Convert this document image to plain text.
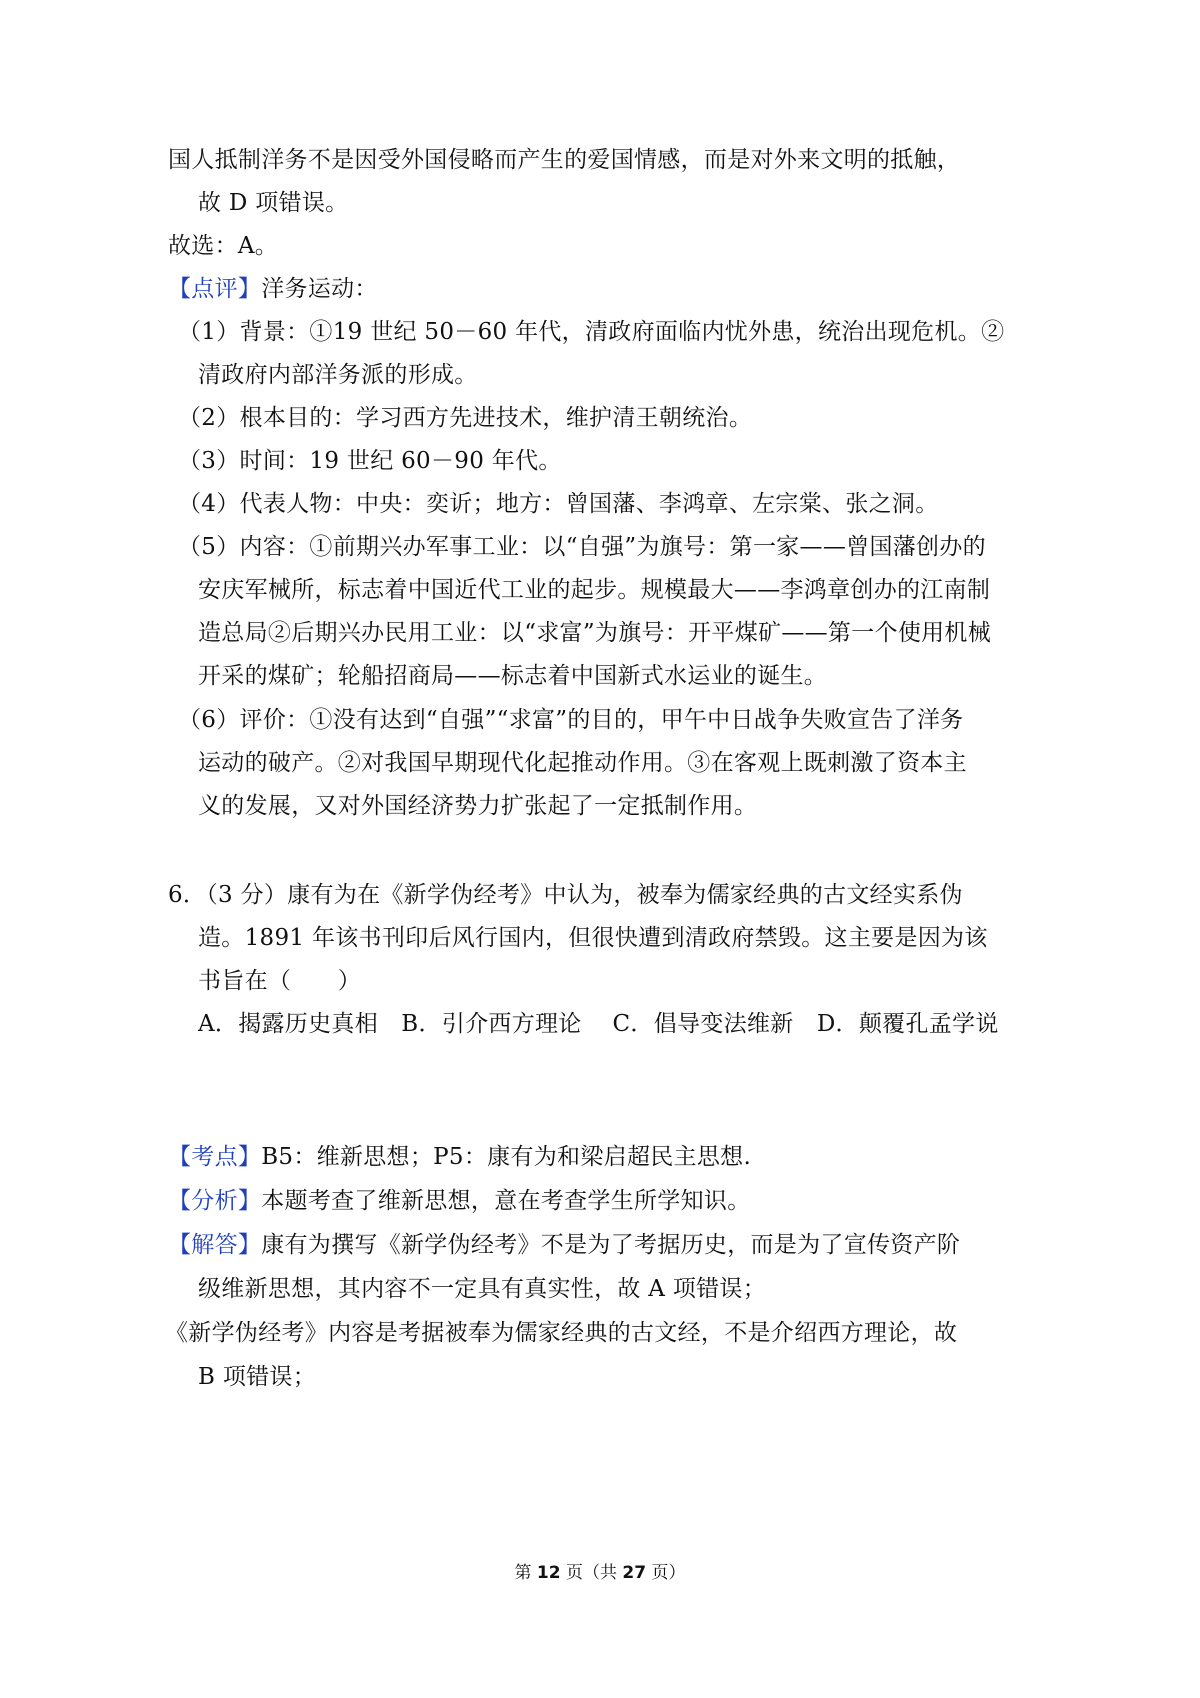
国人抵制洋务不是因受外国侵略而产生的爱国情感，而是对外来文明的抵触，
故 D 项错误。
故选：A。
【点评】洋务运动：
（1）背景：①19 世纪 50－60 年代，清政府面临内忧外患，统治出现危机。②
清政府内部洋务派的形成。
（2）根本目的：学习西方先进技术，维护清王朝统治。
（3）时间：19 世纪 60－90 年代。
（4）代表人物：中央：奕䜣；地方：曾国藩、李鸿章、左宗棠、张之洞。
（5）内容：①前期兴办军事工业：以“自强”为旗号：第一家——曾国藩创办的
安庆军械所，标志着中国近代工业的起步。规模最大——李鸿章创办的江南制
造总局②后期兴办民用工业：以“求富”为旗号：开平煤矿——第一个使用机械
开采的煤矿；轮船招商局——标志着中国新式水运业的诞生。
（6）评价：①没有达到“自强”“求富”的目的，甲午中日战争失败宣告了洋务
运动的破产。②对我国早期现代化起推动作用。③在客观上既刺激了资本主
义的发展，又对外国经济势力扩张起了一定抵制作用。
6．（3 分）康有为在《新学伪经考》中认为，被奉为儒家经典的古文经实系伪
造。1891 年该书刊印后风行国内，但很快遭到清政府禁毁。这主要是因为该
书旨在（　　）
A．揭露历史真相　B．引介西方理论　 C．倡导变法维新　D．颠覆孔孟学说
【考点】B5：维新思想；P5：康有为和梁启超民主思想.
【分析】本题考查了维新思想，意在考查学生所学知识。
【解答】康有为撰写《新学伪经考》不是为了考据历史，而是为了宣传资产阶
级维新思想，其内容不一定具有真实性，故 A 项错误；
《新学伪经考》内容是考据被奉为儒家经典的古文经，不是介绍西方理论，故
B 项错误；
第 12 页（共 27 页）
